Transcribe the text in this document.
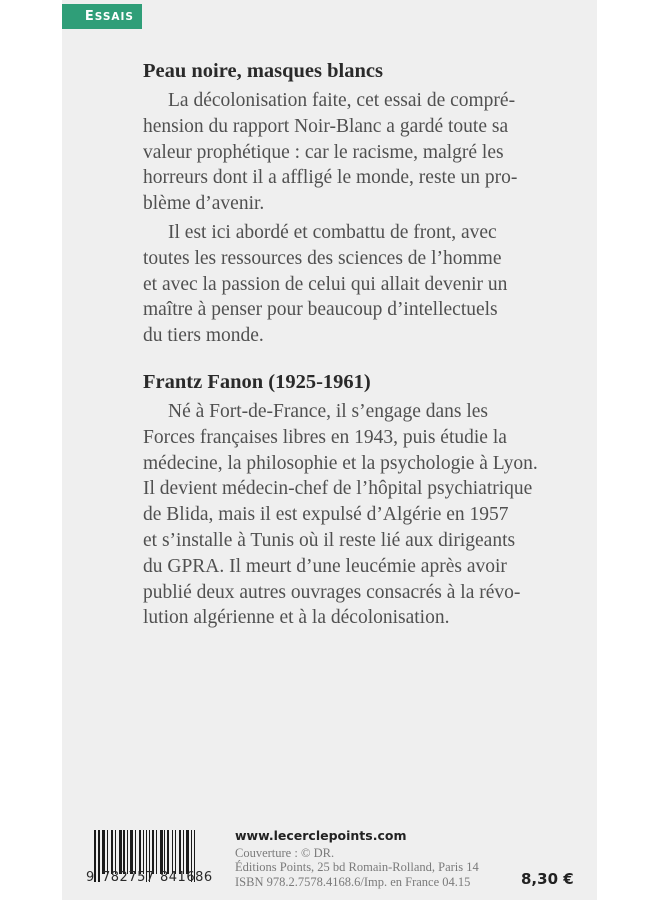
E SSAIS
Peau noire, masques blancs

La décolonisation faite, cet essai de compré-
hension du rapport Noir-Blanc a gardé toute sa
valeur prophétique : car le racisme, malgré les
horreurs dont il a affligé le monde, reste un pro-
blème d’avenir.

Il est ici abordé et combattu de front, avec
toutes les ressources des sciences de l’homme
et avec la passion de celui qui allait devenir un
maître à penser pour beaucoup d’intellectuels
du tiers monde.

Frantz Fanon (1925-1961)

Né à Fort-de-France, il s’engage dans les
Forces françaises libres en 1943, puis étudie la
médecine, la philosophie et la psychologie à Lyon.
Il devient médecin-chef de l’hôpital psychiatrique
de Blida, mais il est expulsé d’Algérie en 1957
et s’installe à Tunis où il reste lié aux dirigeants
du GPRA. Il meurt d’une leucémie après avoir
publié deux autres ouvrages consacrés à la révo-
lution algérienne et à la décolonisation.

9 782757 841686
www.lecerclepoints.com
Couverture : © DR.
Éditions Points, 25 bd Romain-Rolland, Paris 14
ISBN 978.2.7578.4168.6/Imp. en France 04.15	8,30 €
